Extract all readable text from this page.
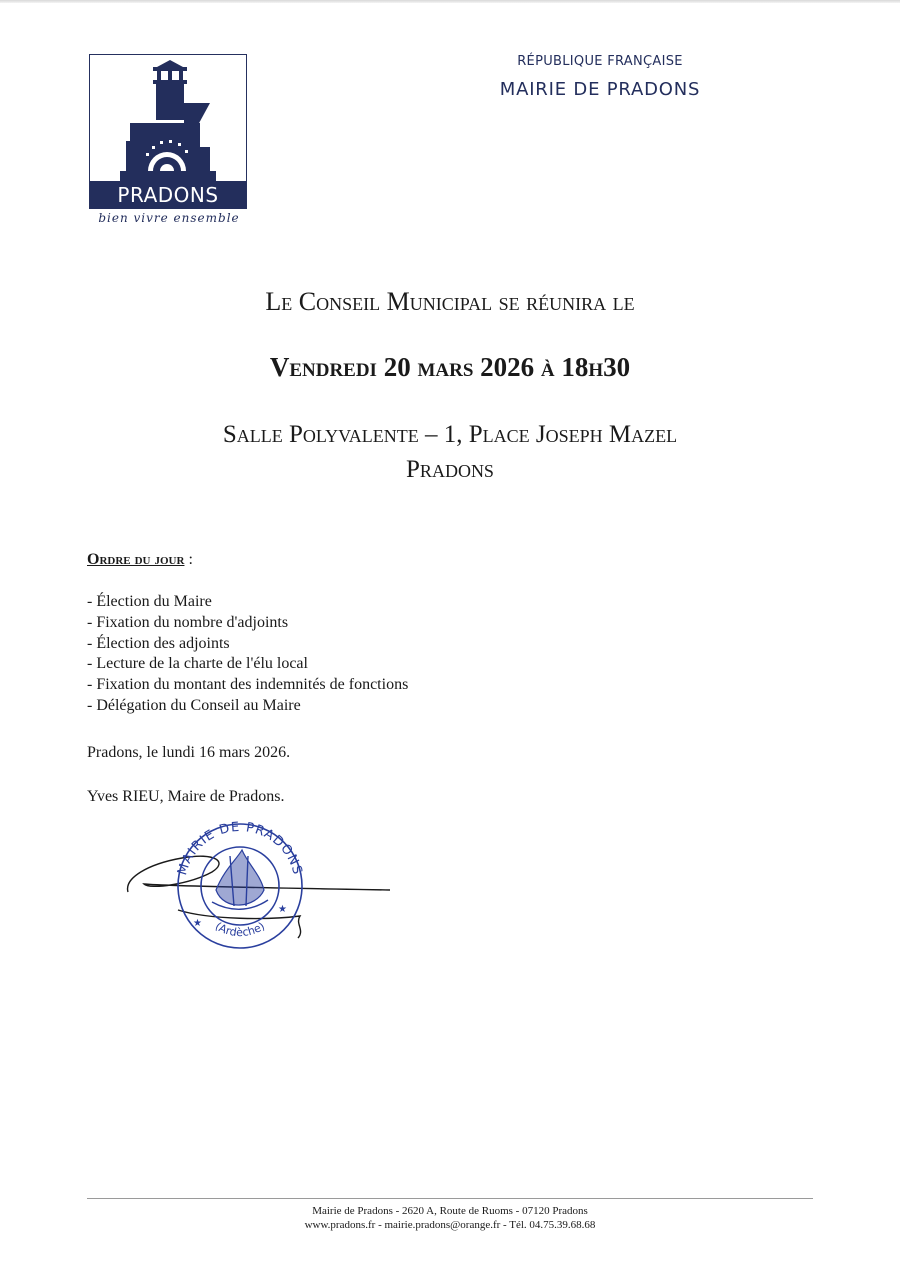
PRADONS
bien vivre ensemble
RÉPUBLIQUE FRANÇAISE
MAIRIE DE PRADONS
Le Conseil Municipal se réunira le
Vendredi 20 mars 2026 à 18h30
Salle Polyvalente – 1, Place Joseph Mazel
Pradons
Ordre du jour :
- Élection du Maire
- Fixation du nombre d'adjoints
- Élection des adjoints
- Lecture de la charte de l'élu local
- Fixation du montant des indemnités de fonctions
- Délégation du Conseil au Maire
Pradons, le lundi 16 mars 2026.
Yves RIEU, Maire de Pradons.
★
★
MAIRIE DE PRADONS
(Ardèche)
Mairie de Pradons - 2620 A, Route de Ruoms - 07120 Pradons
www.pradons.fr - mairie.pradons@orange.fr - Tél. 04.75.39.68.68
